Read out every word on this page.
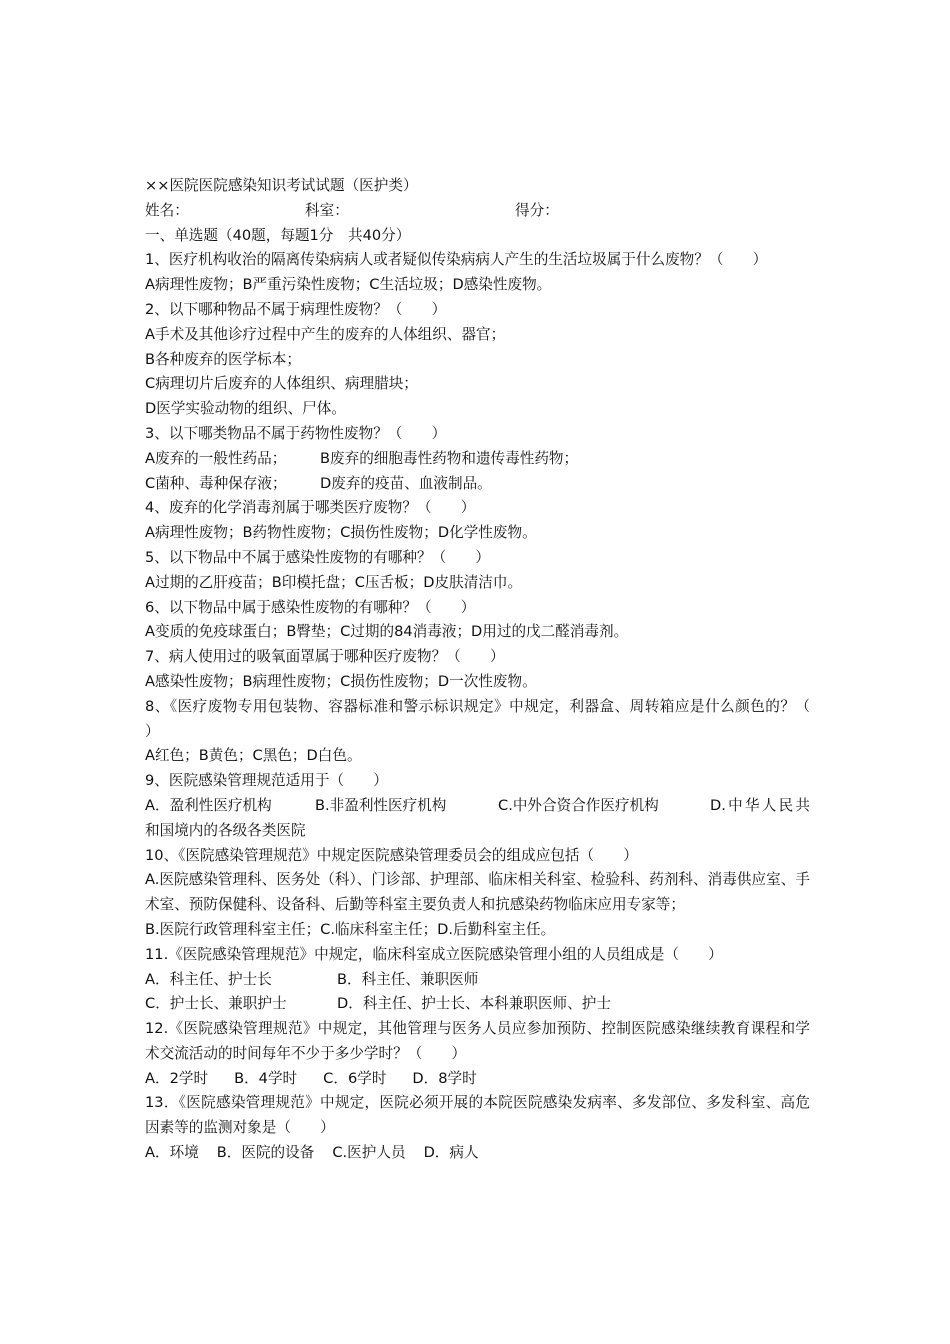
××医院医院感染知识考试试题（医护类）
姓名：	科室：	得分：
一、单选题（40题，每题1分　共40分）
1、医疗机构收治的隔离传染病病人或者疑似传染病病人产生的生活垃圾属于什么废物？（　　）
A病理性废物；B严重污染性废物；C生活垃圾；D感染性废物。
2、以下哪种物品不属于病理性废物？（　　）
A手术及其他诊疗过程中产生的废弃的人体组织、器官；
B各种废弃的医学标本；
C病理切片后废弃的人体组织、病理腊块；
D医学实验动物的组织、尸体。
3、以下哪类物品不属于药物性废物？（　　）
A废弃的一般性药品；	B废弃的细胞毒性药物和遗传毒性药物；
C菌种、毒种保存液；	D废弃的疫苗、血液制品。
4、废弃的化学消毒剂属于哪类医疗废物？（　　）
A病理性废物；B药物性废物；C损伤性废物；D化学性废物。
5、以下物品中不属于感染性废物的有哪种？（　　）
A过期的乙肝疫苗；B印模托盘；C压舌板；D皮肤清洁巾。
6、以下物品中属于感染性废物的有哪种？（　　）
A变质的免疫球蛋白；B臀垫；C过期的84消毒液；D用过的戊二醛消毒剂。
7、病人使用过的吸氧面罩属于哪种医疗废物？（　　）
A感染性废物；B病理性废物；C损伤性废物；D一次性废物。
8、《医疗废物专用包装物、容器标准和警示标识规定》中规定，利器盒、周转箱应是什么颜色的？（　　）
A红色；B黄色；C黑色；D白色。
9、医院感染管理规范适用于（　　）
A．盈利性医疗机构	B.非盈利性医疗机构	C.中外合资合作医疗机构	D.中华人民共和国境内的各级各类医院
10、《医院感染管理规范》中规定医院感染管理委员会的组成应包括（　　）
A.医院感染管理科、医务处（科）、门诊部、护理部、临床相关科室、检验科、药剂科、消毒供应室、手术室、预防保健科、设备科、后勤等科室主要负责人和抗感染药物临床应用专家等；
B.医院行政管理科室主任；C.临床科室主任；D.后勤科室主任。
11.《医院感染管理规范》中规定，临床科室成立医院感染管理小组的人员组成是（　　）
A．科主任、护士长	B．科主任、兼职医师
C．护士长、兼职护士	D．科主任、护士长、本科兼职医师、护士
12.《医院感染管理规范》中规定，其他管理与医务人员应参加预防、控制医院感染继续教育课程和学术交流活动的时间每年不少于多少学时？（　　）
A．2学时 B．4学时 C．6学时 D．8学时
13．《医院感染管理规范》中规定，医院必须开展的本院医院感染发病率、多发部位、多发科室、高危因素等的监测对象是（　　）
A．环境 B．医院的设备 C.医护人员 D．病人
